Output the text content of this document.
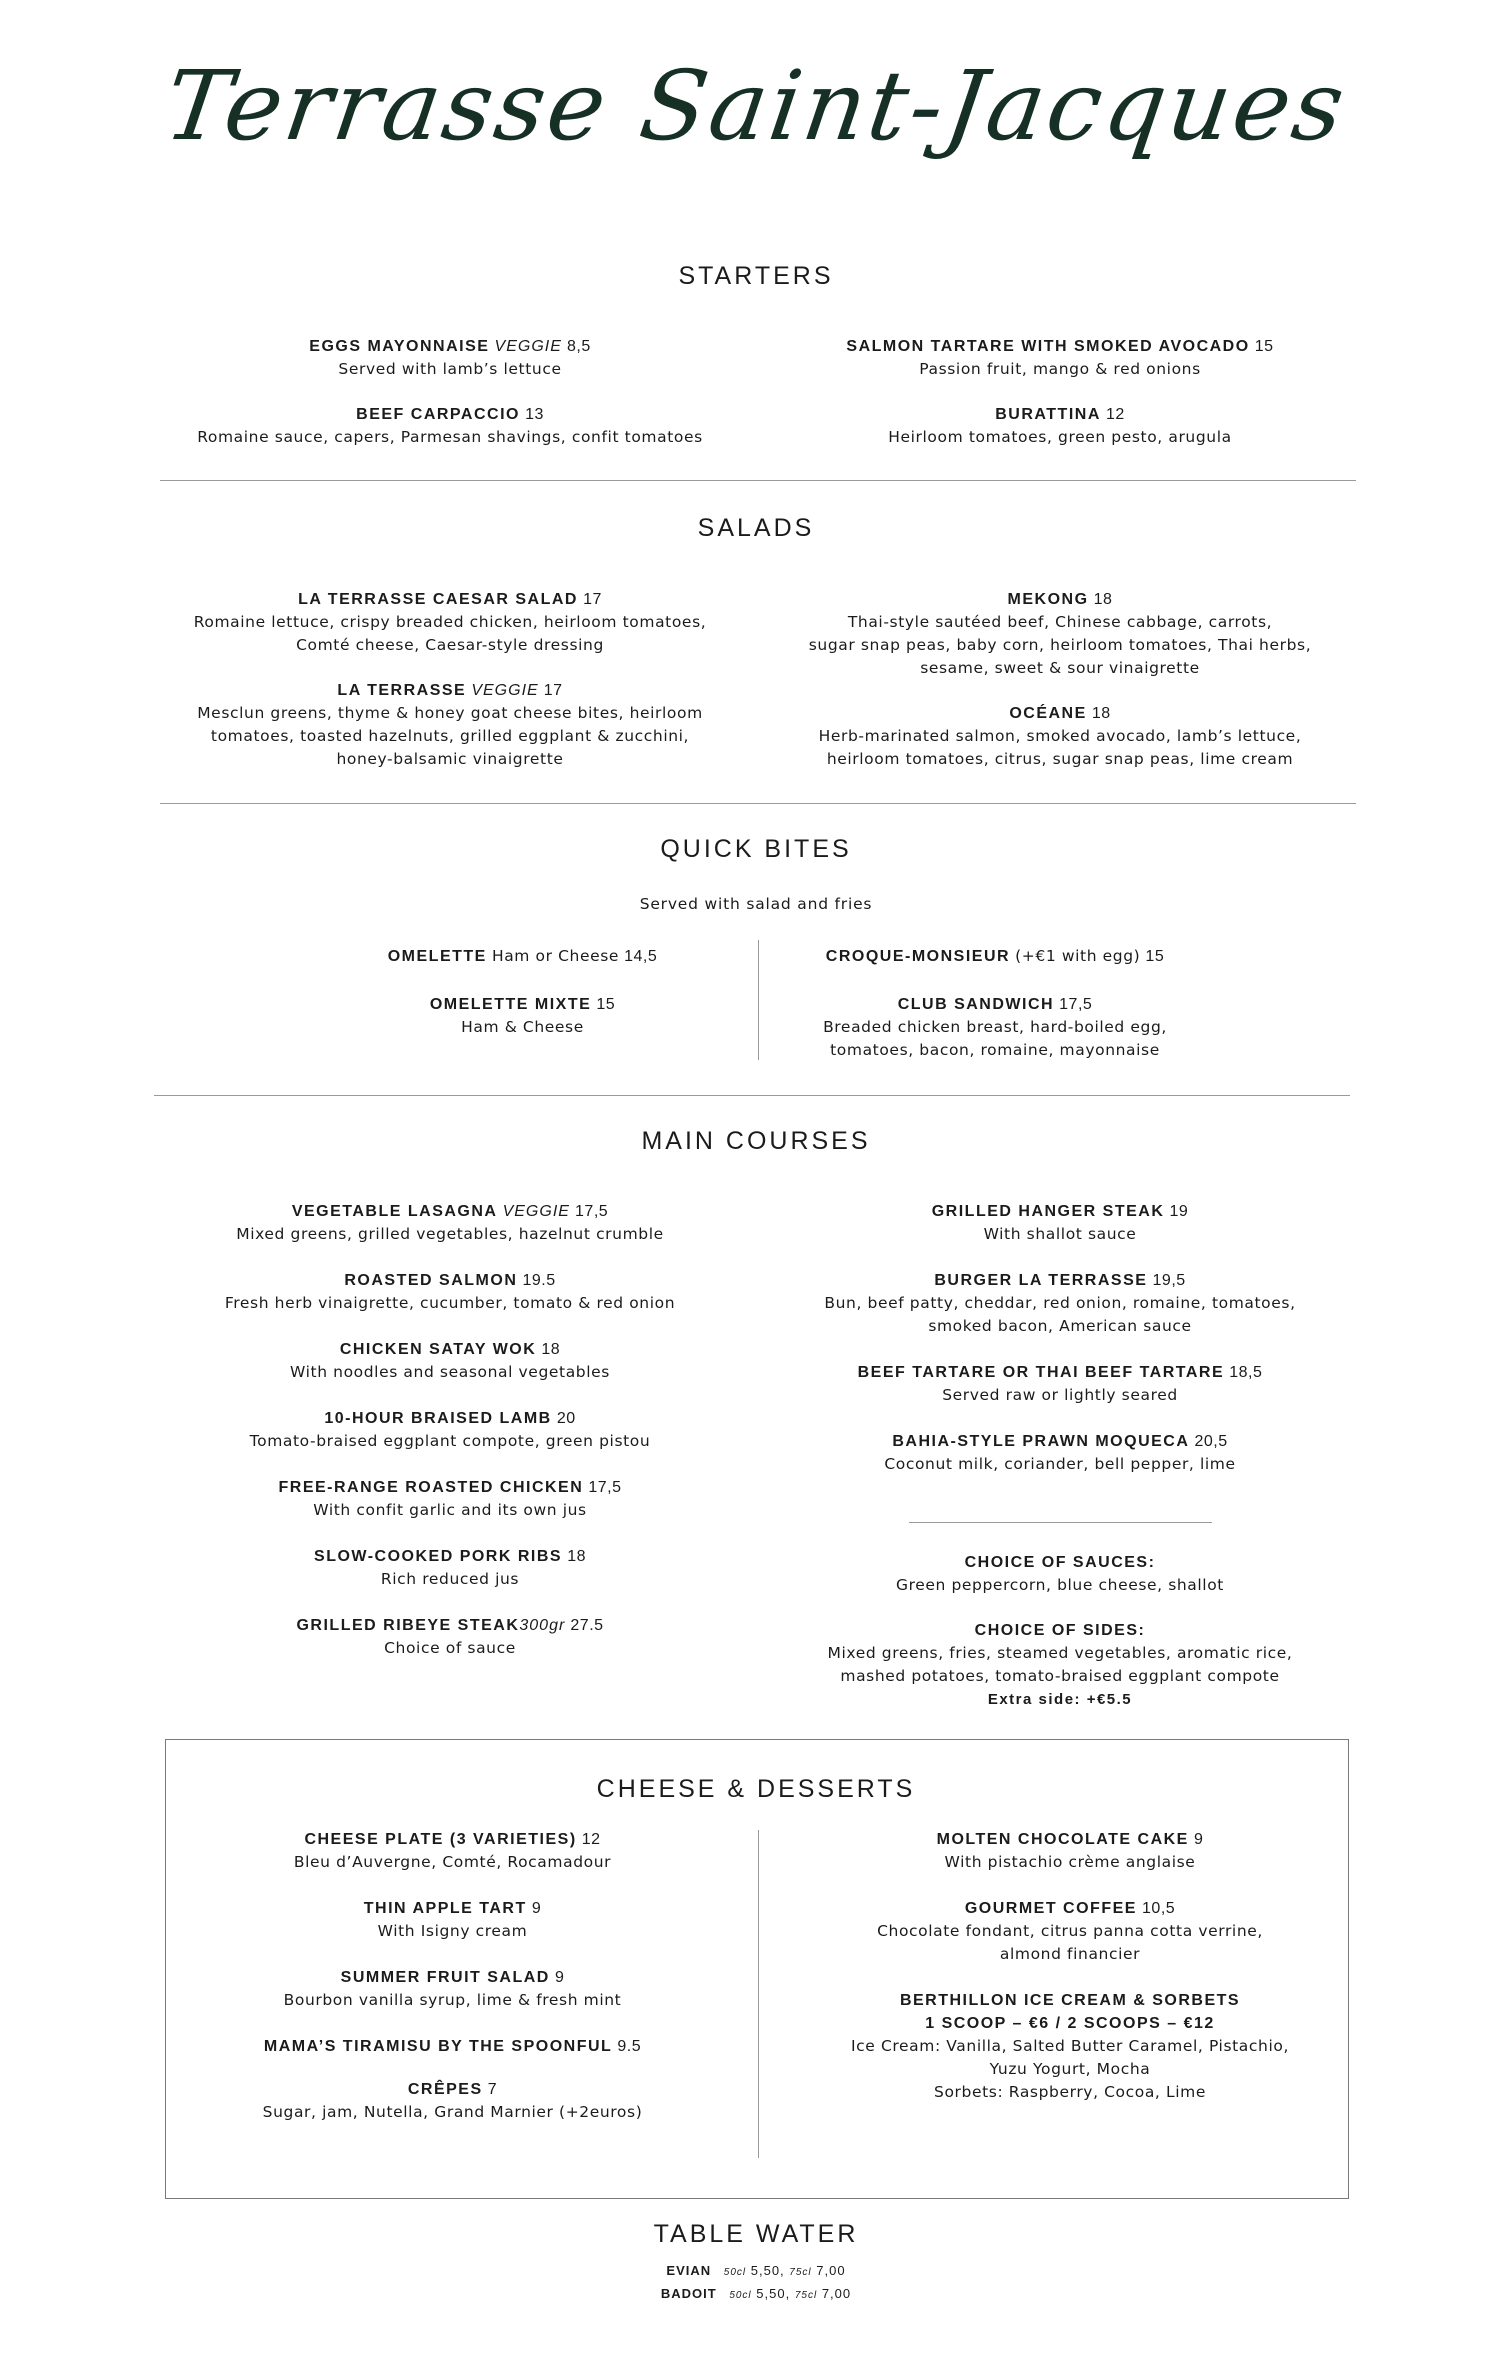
Terrasse Saint-Jacques
STARTERS
EGGS MAYONNAISE VEGGIE 8,5
Served with lamb’s lettuce
BEEF CARPACCIO 13
Romaine sauce, capers, Parmesan shavings, confit tomatoes
SALMON TARTARE WITH SMOKED AVOCADO 15
Passion fruit, mango & red onions
BURATTINA 12
Heirloom tomatoes, green pesto, arugula
SALADS
LA TERRASSE CAESAR SALAD 17
Romaine lettuce, crispy breaded chicken, heirloom tomatoes,
Comté cheese, Caesar-style dressing
LA TERRASSE VEGGIE 17
Mesclun greens, thyme & honey goat cheese bites, heirloom
tomatoes, toasted hazelnuts, grilled eggplant & zucchini,
honey-balsamic vinaigrette
MEKONG 18
Thai-style sautéed beef, Chinese cabbage, carrots,
sugar snap peas, baby corn, heirloom tomatoes, Thai herbs,
sesame, sweet & sour vinaigrette
OCÉANE 18
Herb-marinated salmon, smoked avocado, lamb’s lettuce,
heirloom tomatoes, citrus, sugar snap peas, lime cream
QUICK BITES
Served with salad and fries
OMELETTE Ham or Cheese 14,5
OMELETTE MIXTE 15
Ham & Cheese
CROQUE-MONSIEUR (+€1 with egg) 15
CLUB SANDWICH 17,5
Breaded chicken breast, hard-boiled egg,
tomatoes, bacon, romaine, mayonnaise
MAIN COURSES
VEGETABLE LASAGNA VEGGIE 17,5
Mixed greens, grilled vegetables, hazelnut crumble
ROASTED SALMON 19.5
Fresh herb vinaigrette, cucumber, tomato & red onion
CHICKEN SATAY WOK 18
With noodles and seasonal vegetables
10-HOUR BRAISED LAMB 20
Tomato-braised eggplant compote, green pistou
FREE-RANGE ROASTED CHICKEN 17,5
With confit garlic and its own jus
SLOW-COOKED PORK RIBS 18
Rich reduced jus
GRILLED RIBEYE STEAK300gr 27.5
Choice of sauce
GRILLED HANGER STEAK 19
With shallot sauce
BURGER LA TERRASSE 19,5
Bun, beef patty, cheddar, red onion, romaine, tomatoes,
smoked bacon, American sauce
BEEF TARTARE OR THAI BEEF TARTARE 18,5
Served raw or lightly seared
BAHIA-STYLE PRAWN MOQUECA 20,5
Coconut milk, coriander, bell pepper, lime
CHOICE OF SAUCES:
Green peppercorn, blue cheese, shallot
CHOICE OF SIDES:
Mixed greens, fries, steamed vegetables, aromatic rice,
mashed potatoes, tomato-braised eggplant compote
Extra side: +€5.5
CHEESE & DESSERTS
CHEESE PLATE (3 VARIETIES) 12
Bleu d’Auvergne, Comté, Rocamadour
THIN APPLE TART 9
With Isigny cream
SUMMER FRUIT SALAD 9
Bourbon vanilla syrup, lime & fresh mint
MAMA’S TIRAMISU BY THE SPOONFUL 9.5
CRÊPES 7
Sugar, jam, Nutella, Grand Marnier (+2euros)
MOLTEN CHOCOLATE CAKE 9
With pistachio crème anglaise
GOURMET COFFEE 10,5
Chocolate fondant, citrus panna cotta verrine,
almond financier
BERTHILLON ICE CREAM & SORBETS
1 SCOOP – €6 / 2 SCOOPS – €12
Ice Cream: Vanilla, Salted Butter Caramel, Pistachio,
Yuzu Yogurt, Mocha
Sorbets: Raspberry, Cocoa, Lime
TABLE WATER
EVIAN 50cl 5,50, 75cl 7,00
BADOIT 50cl 5,50, 75cl 7,00
